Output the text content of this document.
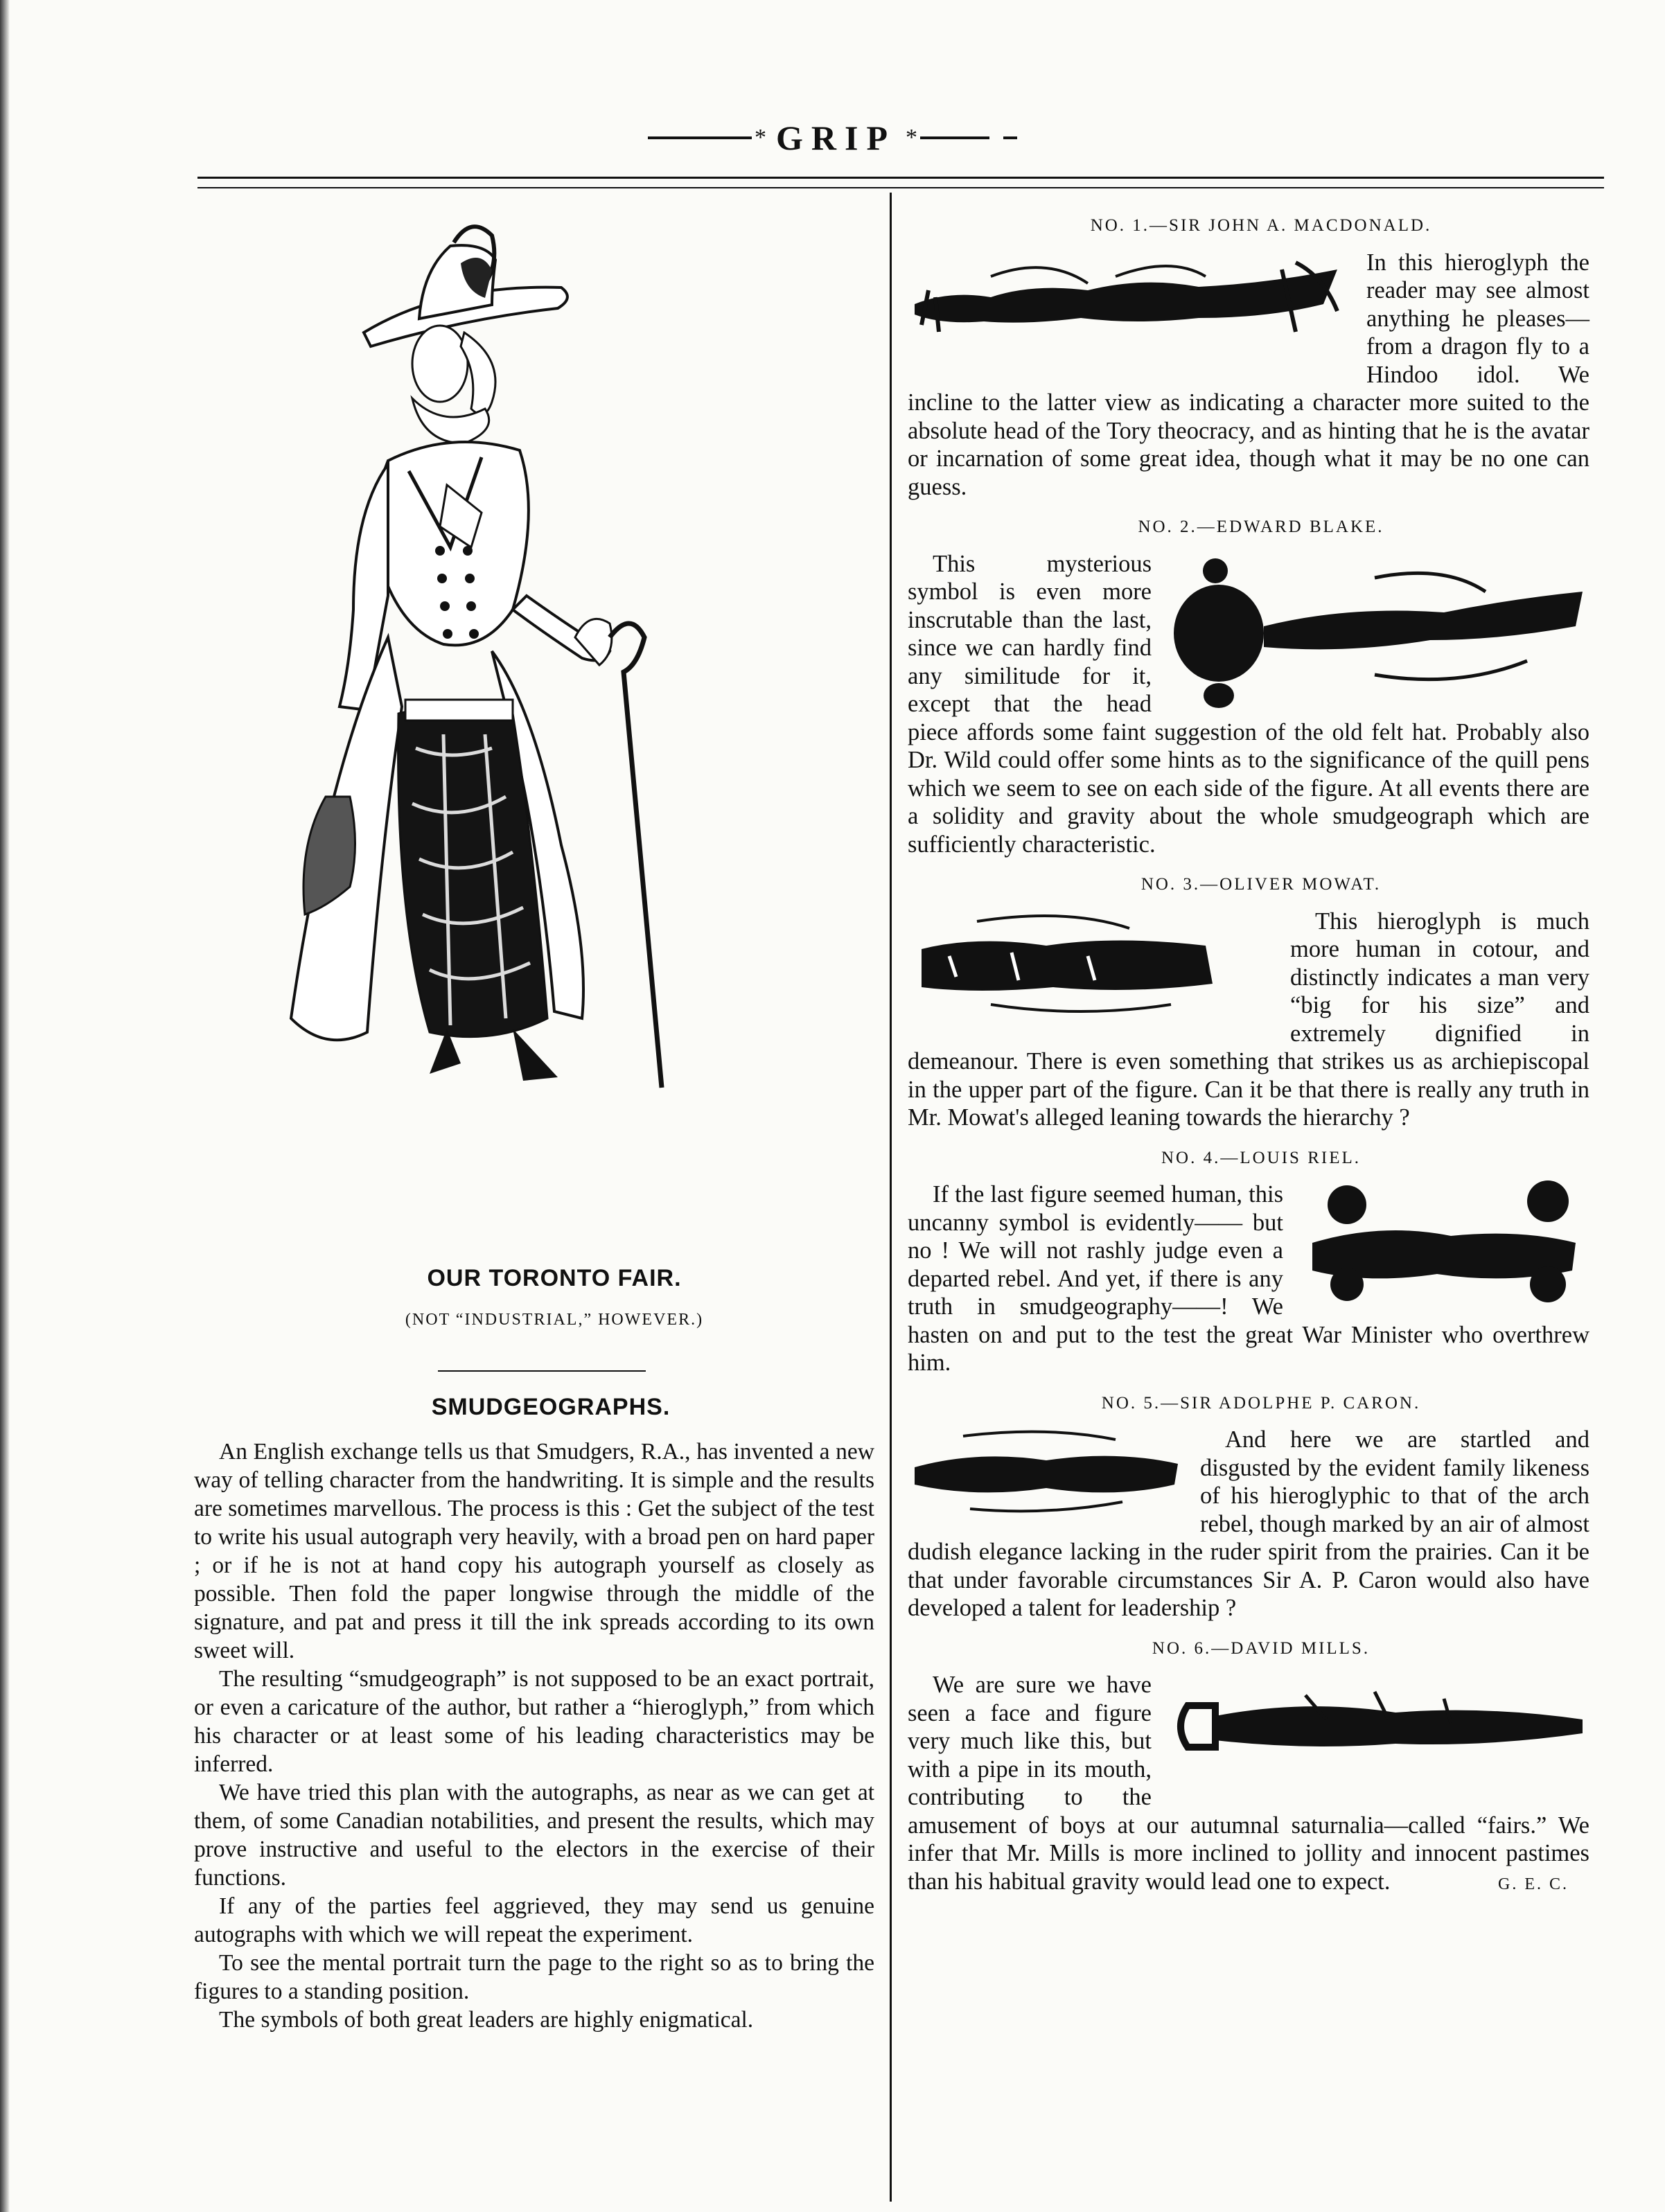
* GRIP *
OUR TORONTO FAIR.
(NOT “INDUSTRIAL,” HOWEVER.)
SMUDGEOGRAPHS.

An English exchange tells us that Smudgers, R.A., has invented a new way of telling character from the handwriting. It is simple and the results are sometimes marvellous. The process is this : Get the subject of the test to write his usual autograph very heavily, with a broad pen on hard paper ; or if he is not at hand copy his autograph yourself as closely as possible. Then fold the paper longwise through the middle of the signature, and pat and press it till the ink spreads according to its own sweet will.

The resulting “smudgeograph” is not supposed to be an exact portrait, or even a caricature of the author, but rather a “hieroglyph,” from which his character or at least some of his leading characteristics may be inferred.

We have tried this plan with the autographs, as near as we can get at them, of some Canadian notabilities, and present the results, which may prove instructive and useful to the electors in the exercise of their functions.

If any of the parties feel aggrieved, they may send us genuine autographs with which we will repeat the experiment.

To see the mental portrait turn the page to the right so as to bring the figures to a standing position.

The symbols of both great leaders are highly enigmatical.

NO. 1.—SIR JOHN A. MACDONALD.

In this hieroglyph the reader may see almost anything he pleases—from a dragon fly to a Hindoo idol. We incline to the latter view as indicating a character more suited to the absolute head of the Tory theocracy, and as hinting that he is the avatar or incarnation of some great idea, though what it may be no one can guess.

NO. 2.—EDWARD BLAKE.

This mysterious symbol is even more inscrutable than the last, since we can hardly find any similitude for it, except that the head piece affords some faint suggestion of the old felt hat. Probably also Dr. Wild could offer some hints as to the significance of the quill pens which we seem to see on each side of the figure. At all events there are a solidity and gravity about the whole smudgeograph which are sufficiently characteristic.

NO. 3.—OLIVER MOWAT.

This hieroglyph is much more human in cotour, and distinctly indicates a man very “big for his size” and extremely dignified in demeanour. There is even something that strikes us as archiepiscopal in the upper part of the figure. Can it be that there is really any truth in Mr. Mowat's alleged leaning towards the hierarchy ?

NO. 4.—LOUIS RIEL.

If the last figure seemed human, this uncanny symbol is evidently—— but no ! We will not rashly judge even a departed rebel. And yet, if there is any truth in smudgeography——! We hasten on and put to the test the great War Minister who overthrew him.

NO. 5.—SIR ADOLPHE P. CARON.

And here we are startled and disgusted by the evident family likeness of his hieroglyphic to that of the arch rebel, though marked by an air of almost dudish elegance lacking in the ruder spirit from the prairies. Can it be that under favorable circumstances Sir A. P. Caron would also have developed a talent for leadership ?

NO. 6.—DAVID MILLS.

We are sure we have seen a face and figure very much like this, but with a pipe in its mouth, contributing to the amusement of boys at our autumnal saturnalia—called “fairs.” We infer that Mr. Mills is more inclined to jollity and innocent pastimes than his habitual gravity would lead one to expect.	G. E. C.
